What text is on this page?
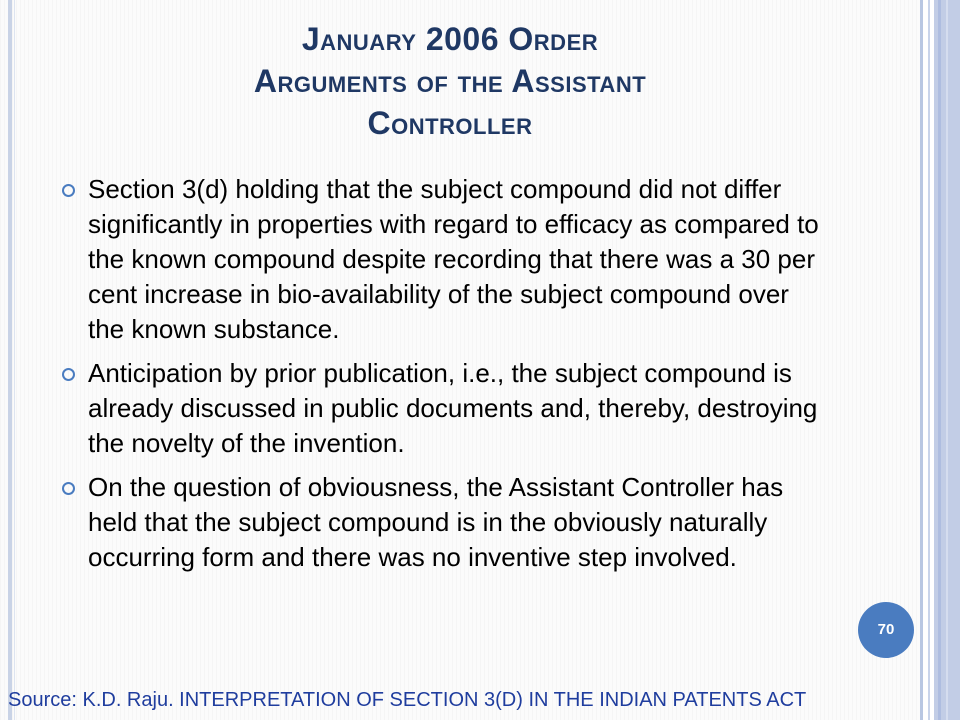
January 2006 Order
Arguments of the Assistant
Controller
Section 3(d) holding that the subject compound did not differ significantly in properties with regard to efficacy as compared to the known compound despite recording that there was a 30 per cent increase in bio-availability of the subject compound over the known substance.
Anticipation by prior publication, i.e., the subject compound is already discussed in public documents and, thereby, destroying the novelty of the invention.
On the question of obviousness, the Assistant Controller has held that the subject compound is in the obviously naturally occurring form and there was no inventive step involved.
70
Source: K.D. Raju. INTERPRETATION OF SECTION 3(D) IN THE INDIAN PATENTS ACT
